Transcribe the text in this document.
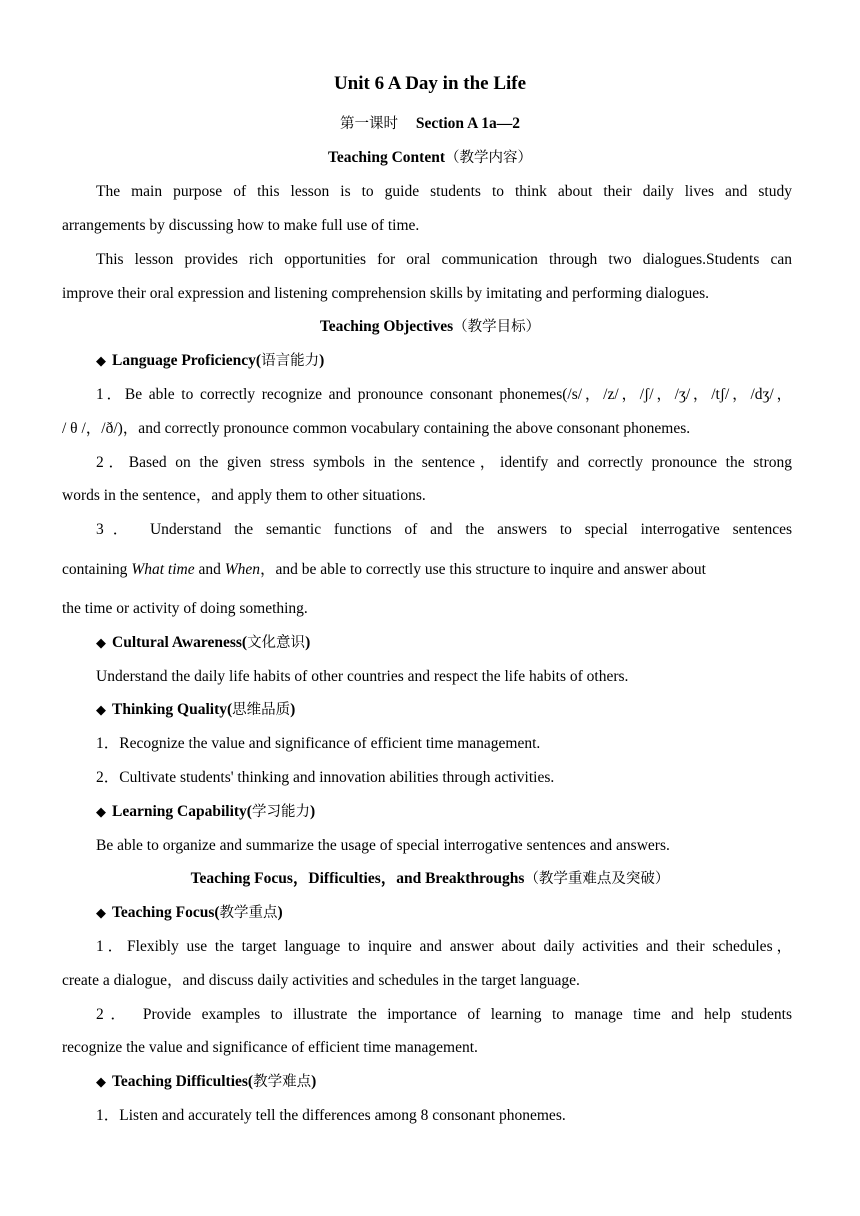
Unit 6 A Day in the Life
第一课时 Section A 1a—2
Teaching Content（教学内容）
The main purpose of this lesson is to guide students to think about their daily lives and study
arrangements by discussing how to make full use of time.
This lesson provides rich opportunities for oral communication through two dialogues.Students can
improve their oral expression and listening comprehension skills by imitating and performing dialogues.
Teaching Objectives（教学目标）
◆ Language Proficiency(语言能力)
1．Be able to correctly recognize and pronounce consonant phonemes(/s/，/z/，/ʃ/，/ʒ/，/tʃ/，/dʒ/，
/ θ /，/ð/)，and correctly pronounce common vocabulary containing the above consonant phonemes.
2．Based on the given stress symbols in the sentence，identify and correctly pronounce the strong
words in the sentence，and apply them to other situations.
3． Understand the semantic functions of and the answers to special interrogative sentences
containing What time and When，and be able to correctly use this structure to inquire and answer about
the time or activity of doing something.
◆ Cultural Awareness(文化意识)
Understand the daily life habits of other countries and respect the life habits of others.
◆ Thinking Quality(思维品质)
1．Recognize the value and significance of efficient time management.
2．Cultivate students' thinking and innovation abilities through activities.
◆ Learning Capability(学习能力)
Be able to organize and summarize the usage of special interrogative sentences and answers.
Teaching Focus，Difficulties，and Breakthroughs（教学重难点及突破）
◆ Teaching Focus(教学重点)
1．Flexibly use the target language to inquire and answer about daily activities and their schedules，
create a dialogue，and discuss daily activities and schedules in the target language.
2． Provide examples to illustrate the importance of learning to manage time and help students
recognize the value and significance of efficient time management.
◆ Teaching Difficulties(教学难点)
1．Listen and accurately tell the differences among 8 consonant phonemes.
